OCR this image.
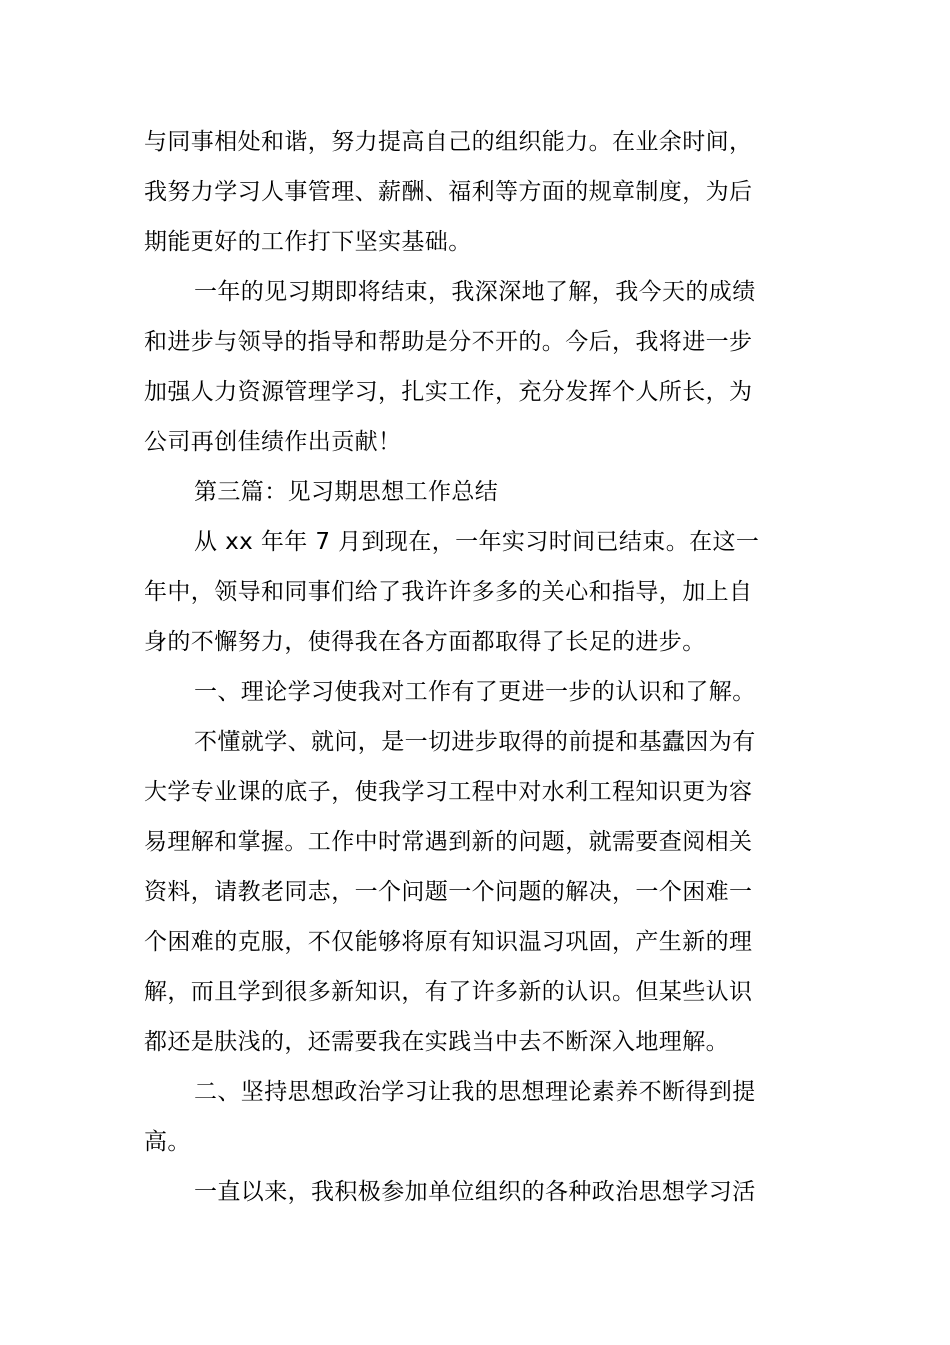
与同事相处和谐，努力提高自己的组织能力。在业余时间，
我努力学习人事管理、薪酬、福利等方面的规章制度，为后
期能更好的工作打下坚实基础。
一年的见习期即将结束，我深深地了解，我今天的成绩
和进步与领导的指导和帮助是分不开的。今后，我将进一步
加强人力资源管理学习，扎实工作，充分发挥个人所长，为
公司再创佳绩作出贡献！
第三篇：见习期思想工作总结
从 xx 年年 7 月到现在，一年实习时间已结束。在这一
年中，领导和同事们给了我许许多多的关心和指导，加上自
身的不懈努力，使得我在各方面都取得了长足的进步。
一、理论学习使我对工作有了更进一步的认识和了解。
不懂就学、就问，是一切进步取得的前提和基蠹因为有
大学专业课的底子，使我学习工程中对水利工程知识更为容
易理解和掌握。工作中时常遇到新的问题，就需要查阅相关
资料，请教老同志，一个问题一个问题的解决，一个困难一
个困难的克服，不仅能够将原有知识温习巩固，产生新的理
解，而且学到很多新知识，有了许多新的认识。但某些认识
都还是肤浅的，还需要我在实践当中去不断深入地理解。
二、坚持思想政治学习让我的思想理论素养不断得到提
高。
一直以来，我积极参加单位组织的各种政治思想学习活
